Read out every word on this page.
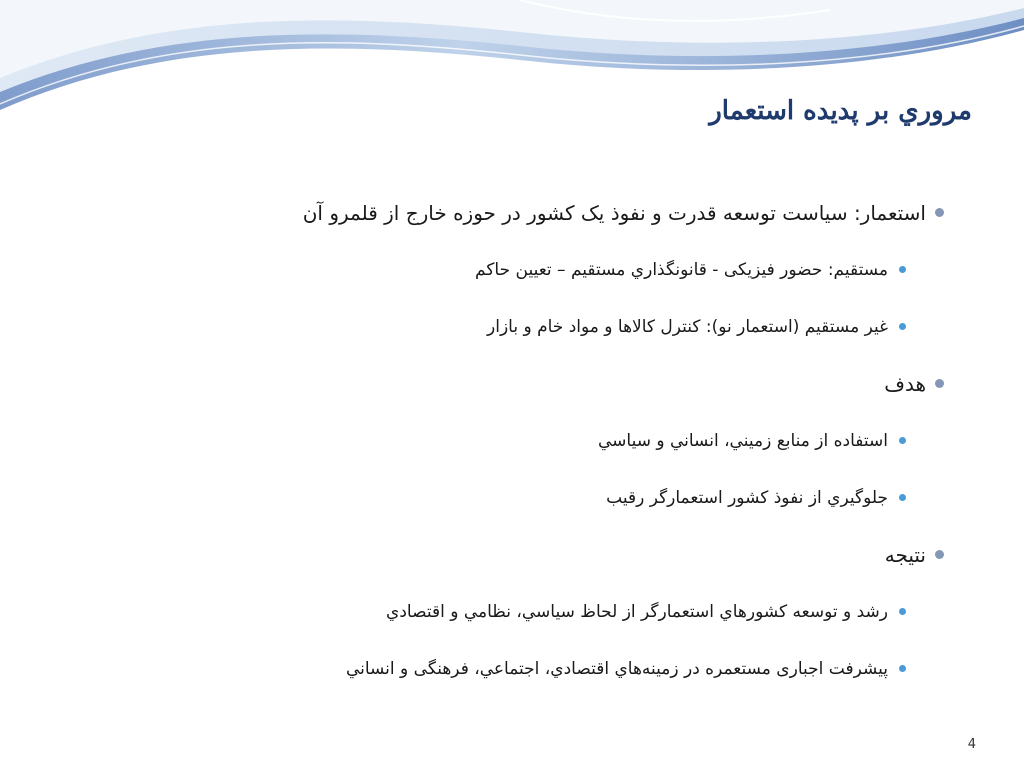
مروري بر پديده استعمار
استعمار: سياست توسعه قدرت و نفوذ يک كشور در حوزه خارج از قلمرو آن
مستقيم: حضور فيزيکی - قانونگذاري مستقيم – تعيين حاكم
غير مستقيم (استعمار نو): كنترل كالاها و مواد خام و بازار
هدف
استفاده از منابع زميني، انساني و سياسي
جلوگيري از نفوذ كشور استعمارگر رقيب
نتيجه
رشد و توسعه كشورهاي استعمارگر از لحاظ سياسي، نظامي و اقتصادي
پيشرفت اجباری مستعمره در زمينه‌هاي اقتصادي، اجتماعي، فرهنگی و انساني
4
